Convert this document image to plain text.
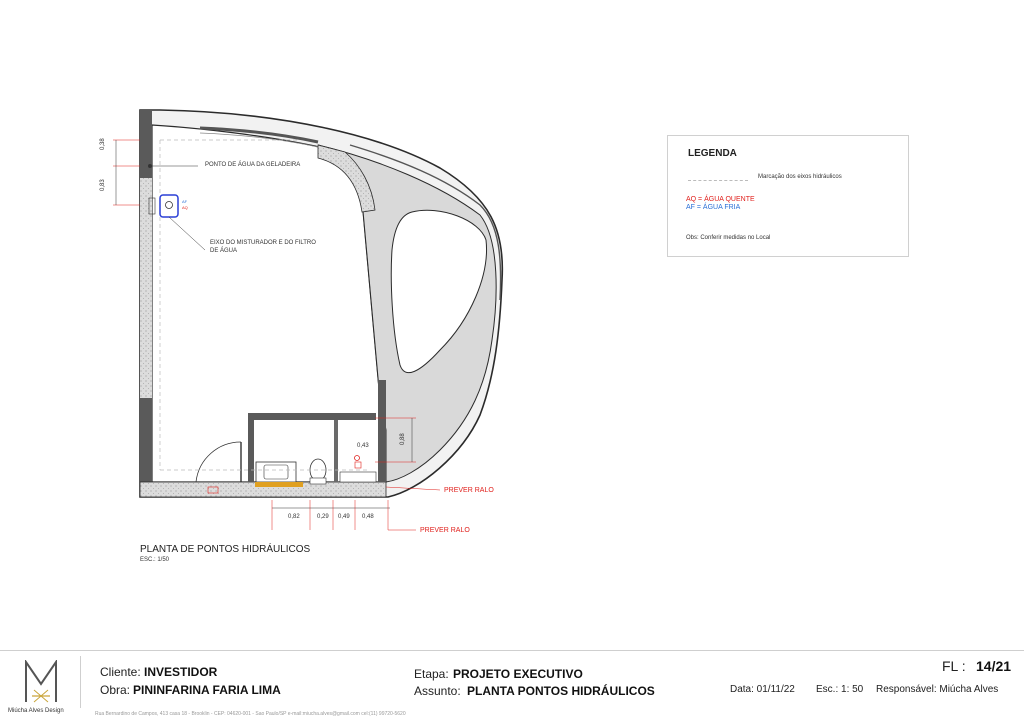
0,38
0,83
PONTO DE ÁGUA DA GELADEIRA
EIXO DO MISTURADOR E DO FILTRO
DE ÁGUA
AF
AQ
0,82	0,29 0,49 0,48
0,43
0,88
PREVER RALO
PREVER RALO
PLANTA DE PONTOS HIDRÁULICOS
ESC.: 1/50
LEGENDA
Marcação dos eixos hidráulicos
AQ = ÁGUA QUENTE
AF = ÁGUA FRIA
Obs: Conferir medidas no Local
Miúcha Alves Design
Cliente: INVESTIDOR
Obra: PININFARINA FARIA LIMA
Etapa: PROJETO EXECUTIVO
Assunto: PLANTA PONTOS HIDRÁULICOS
FL : 14/21
Data: 01/11/22 Esc.: 1: 50 Responsável: Miúcha Alves
Rua Bernardino de Campos, 413 casa 18 - Brooklin - CEP: 04620-001 - Sao Paulo/SP e-mail:miucha.alves@gmail.com cel:(11) 99720-5620
